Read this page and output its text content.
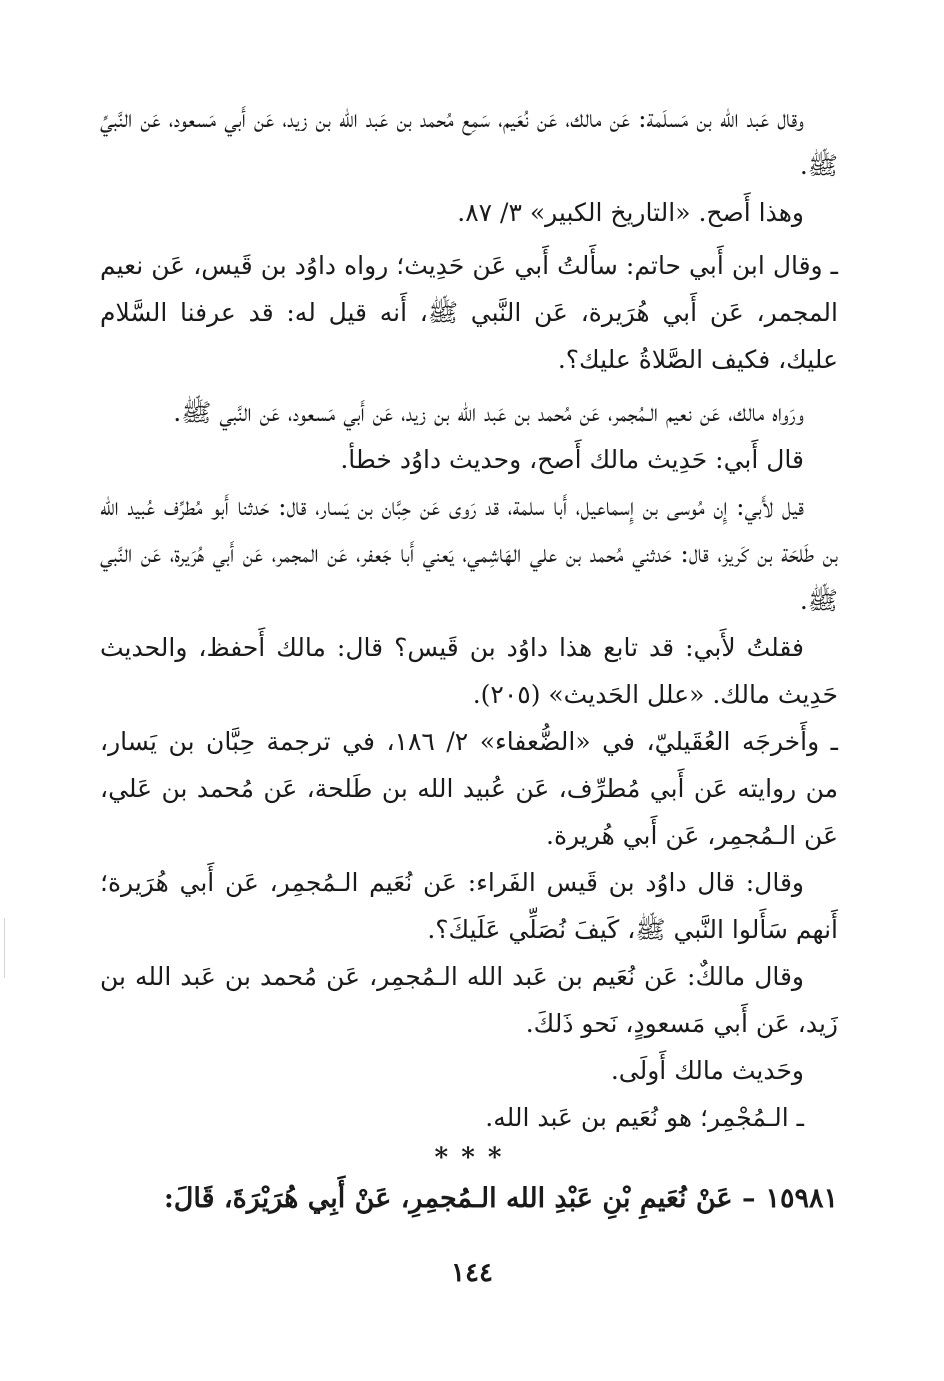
وقال عَبد الله بن مَسلَمة: عَن مالك، عَن نُعَيم، سَمِع مُحمد بن عَبد الله بن زيد، عَن أَبي مَسعود، عَن النَّبيِّ ﷺ.

وهذا أَصح. «التاريخ الكبير» ٣/ ٨٧.

ـ وقال ابن أَبي حاتم: سأَلتُ أَبي عَن حَدِيث؛ رواه داوُد بن قَيس، عَن نعيم المجمر، عَن أَبي هُرَيرة، عَن النَّبي ﷺ، أَنه قيل له: قد عرفنا السَّلام عليك، فكيف الصَّلاةُ عليك؟.

ورَواه مالك، عَن نعيم الـمُجمر، عَن مُحمد بن عَبد الله بن زيد، عَن أَبي مَسعود، عَن النَّبي ﷺ.

قال أَبي: حَدِيث مالك أَصح، وحديث داوُد خطأ.

قيل لأَبي: إِن مُوسى بن إِسماعيل، أَبا سلمة، قد رَوى عَن حِبَّان بن يَسار، قال: حَدثنا أَبو مُطرِّف عُبيد الله بن طَلحَة بن كَريز، قال: حَدثني مُحمد بن علي الهَاشِمي، يَعني أَبا جَعفر، عَن المجمر، عَن أَبي هُرَيرة، عَن النَّبي ﷺ.

فقلتُ لأَبي: قد تابع هذا داوُد بن قَيس؟ قال: مالك أَحفظ، والحديث حَدِيث مالك. «علل الحَديث» (٢٠٥).

ـ وأَخرجَه العُقَيليّ، في «الضُّعفاء» ٢/ ١٨٦، في ترجمة حِبَّان بن يَسار، من روايته عَن أَبي مُطرِّف، عَن عُبيد الله بن طَلحة، عَن مُحمد بن عَلي، عَن الـمُجمِر، عَن أَبي هُريرة.

وقال: قال داوُد بن قَيس الفَراء: عَن نُعَيم الـمُجمِر، عَن أَبي هُرَيرة؛ أَنهم سَأَلوا النَّبي ﷺ، كَيفَ نُصَلِّي عَلَيكَ؟.

وقال مالكٌ: عَن نُعَيم بن عَبد الله الـمُجمِر، عَن مُحمد بن عَبد الله بن زَيد، عَن أَبي مَسعودٍ، نَحو ذَلكَ.

وحَديث مالك أَولَى.

ـ الـمُجْمِر؛ هو نُعَيم بن عَبد الله.

* * *

١٥٩٨١– عَنْ نُعَيمِ بْنِ عَبْدِ الله الـمُجمِرِ، عَنْ أَبِي هُرَيْرَةَ، قَالَ:

١٤٤
